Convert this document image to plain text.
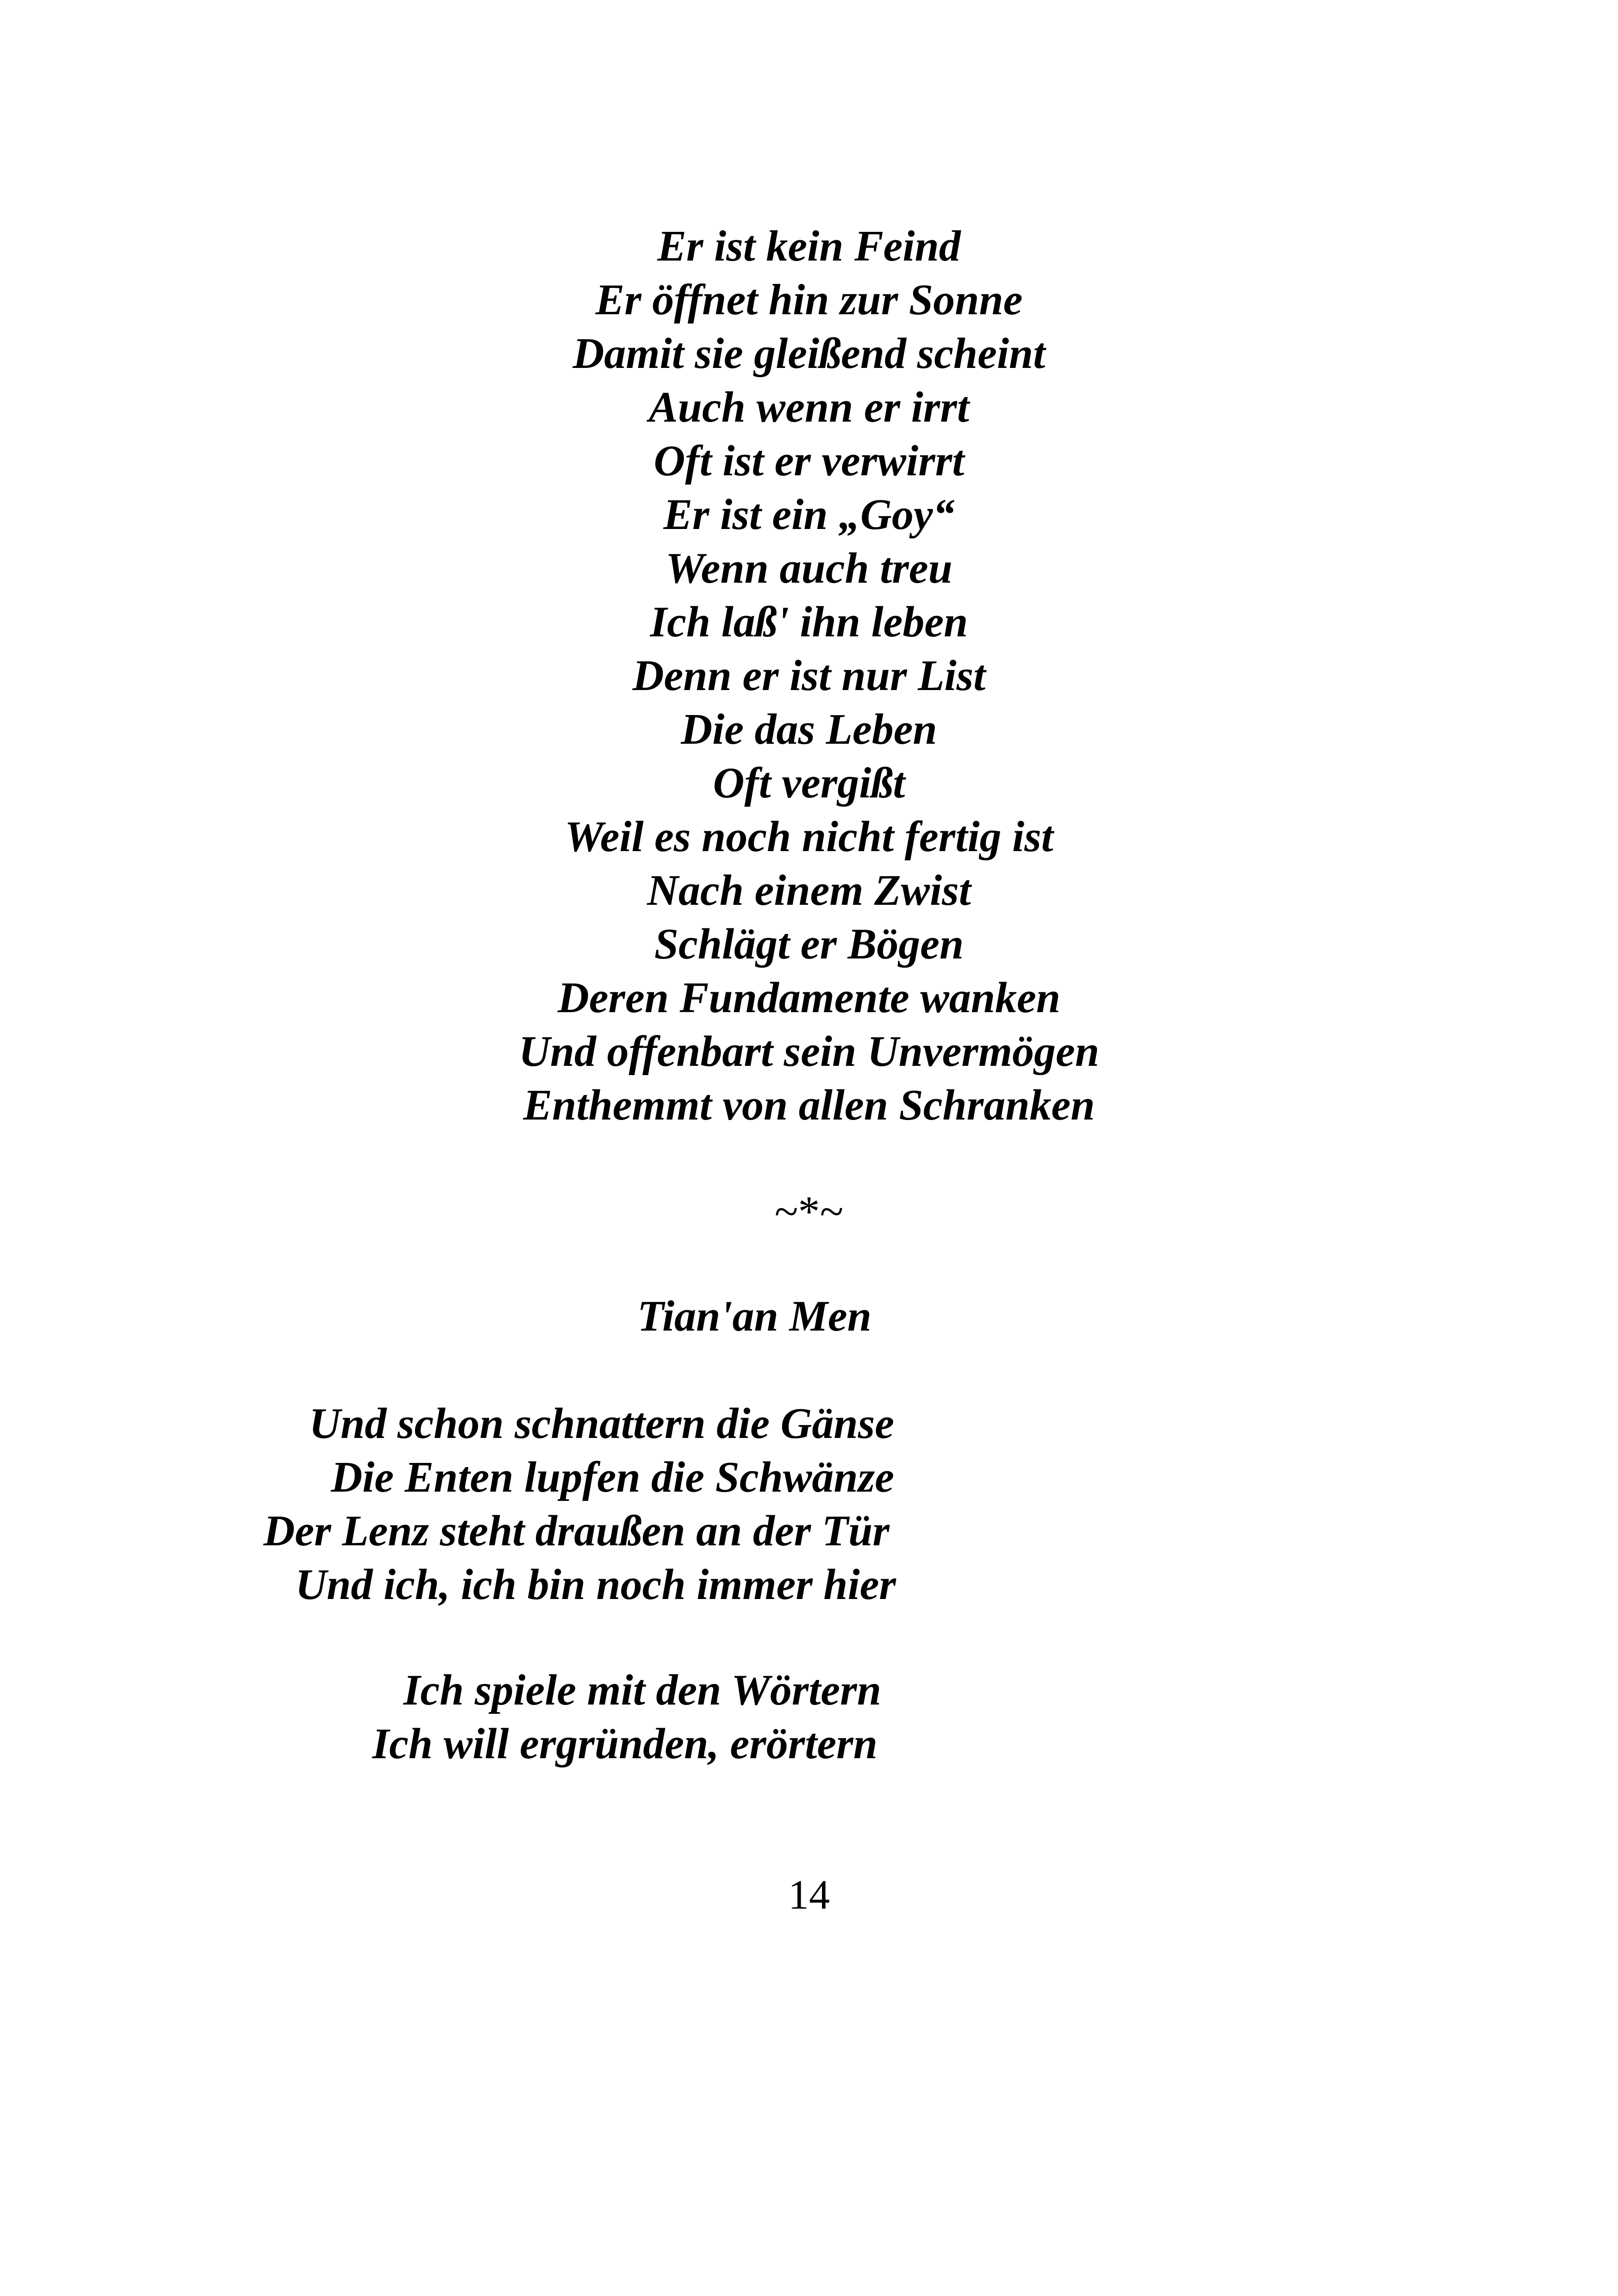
Er ist kein Feind
Er öffnet hin zur Sonne
Damit sie gleißend scheint
Auch wenn er irrt
Oft ist er verwirrt
Er ist ein „Goy“
Wenn auch treu
Ich laß' ihn leben
Denn er ist nur List
Die das Leben
Oft vergißt
Weil es noch nicht fertig ist
Nach einem Zwist
Schlägt er Bögen
Deren Fundamente wanken
Und offenbart sein Unvermögen
Enthemmt von allen Schranken
~*~
Tian'an Men
Und schon schnattern die Gänse
Die Enten lupfen die Schwänze
Der Lenz steht draußen an der Tür
Und ich, ich bin noch immer hier
Ich spiele mit den Wörtern
Ich will ergründen, erörtern
14
